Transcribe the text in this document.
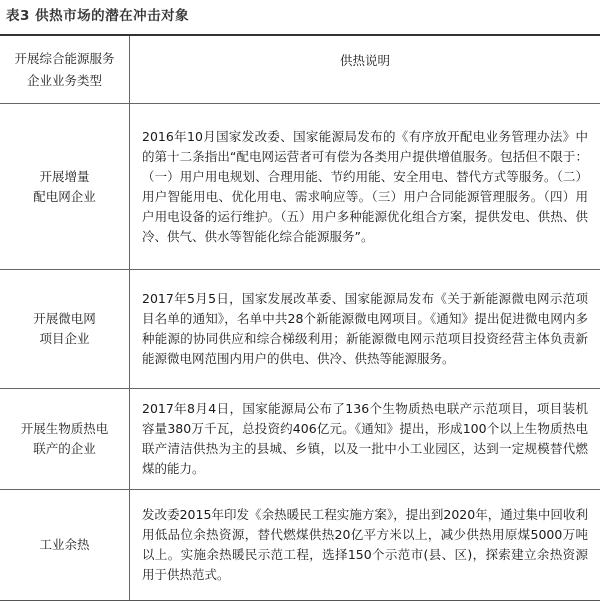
表3 供热市场的潜在冲击对象
开展综合能源服务
企业业务类型
供热说明
开展增量
配电网企业
2016年10月国家发改委、国家能源局发布的《有序放开配电业务管理办法》中的第十二条指出“配电网运营者可有偿为各类用户提供增值服务。包括但不限于：（一）用户用电规划、合理用能、节约用能、安全用电、替代方式等服务。（二）用户智能用电、优化用电、需求响应等。（三）用户合同能源管理服务。（四）用户用电设备的运行维护。（五）用户多种能源优化组合方案，提供发电、供热、供冷、供气、供水等智能化综合能源服务”。
开展微电网
项目企业
2017年5月5日，国家发展改革委、国家能源局发布《关于新能源微电网示范项目名单的通知》，名单中共28个新能源微电网项目。《通知》提出促进微电网内多种能源的协同供应和综合梯级利用；新能源微电网示范项目投资经营主体负责新能源微电网范围内用户的供电、供冷、供热等能源服务。
开展生物质热电
联产的企业
2017年8月4日，国家能源局公布了136个生物质热电联产示范项目，项目装机容量380万千瓦，总投资约406亿元。《通知》提出，形成100个以上生物质热电联产清洁供热为主的县城、乡镇，以及一批中小工业园区，达到一定规模替代燃煤的能力。
工业余热
发改委2015年印发《余热暖民工程实施方案》，提出到2020年，通过集中回收利用低品位余热资源，替代燃煤供热20亿平方米以上，减少供热用原煤5000万吨以上。实施余热暖民示范工程，选择150个示范市(县、区)，探索建立余热资源用于供热范式。
